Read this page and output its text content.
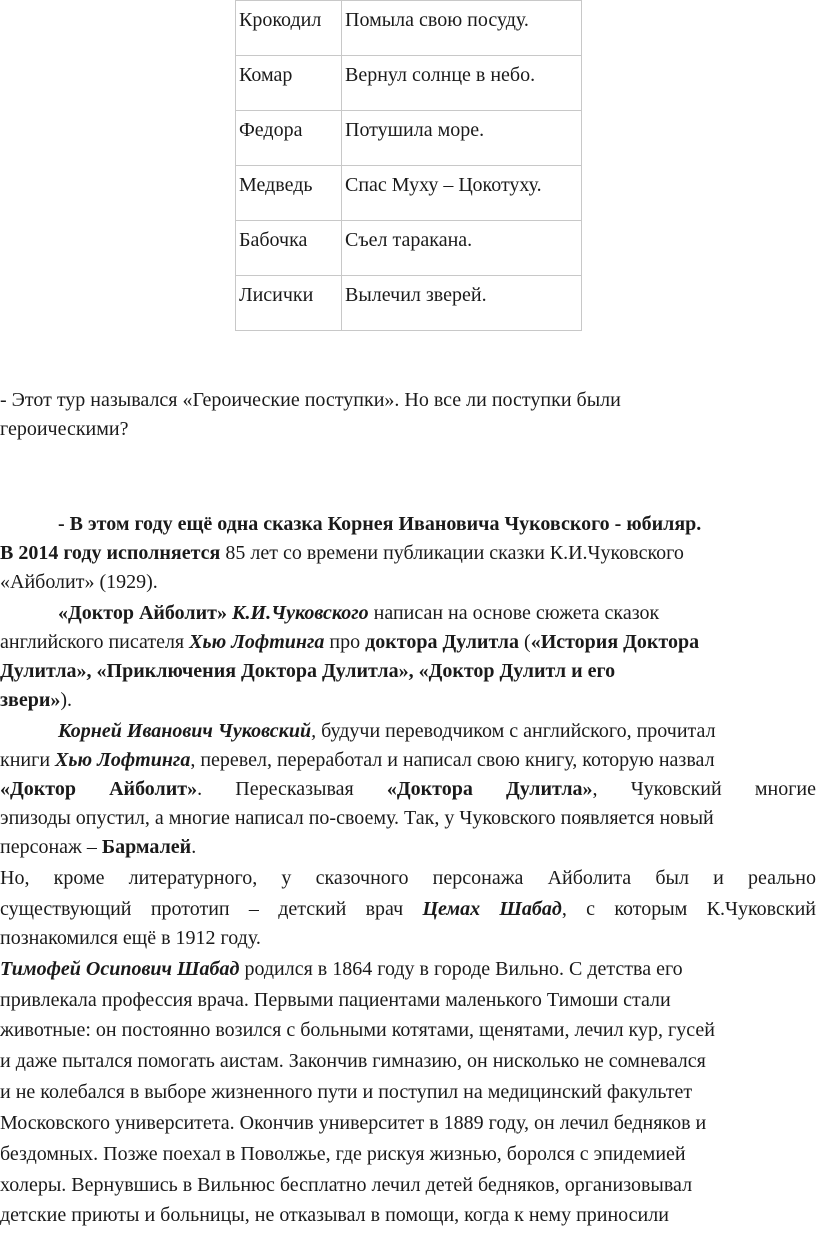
Крокодил	Помыла свою посуду.
Комар	Вернул солнце в небо.
Федора	Потушила море.
Медведь	Спас Муху – Цокотуху.
Бабочка	Съел таракана.
Лисички	Вылечил зверей.

- Этот тур назывался «Героические поступки». Но все ли поступки были

героическими?

- В этом году ещё одна сказка Корнея Ивановича Чуковского - юбиляр.

В 2014 году исполняется 85 лет со времени публикации сказки К.И.Чуковского

«Айболит» (1929).

«Доктор Айболит» К.И.Чуковского написан на основе сюжета сказок

английского писателя Хью Лофтинга про доктора Дулитла («История Доктора

Дулитла», «Приключения Доктора Дулитла», «Доктор Дулитл и его

звери»).

Корней Иванович Чуковский, будучи переводчиком с английского, прочитал

книги Хью Лофтинга, перевел, переработал и написал свою книгу, которую назвал

«Доктор Айболит». Пересказывая «Доктора Дулитла», Чуковский многие

эпизоды опустил, а многие написал по-своему. Так, у Чуковского появляется новый

персонаж – Бармалей.

Но, кроме литературного, у сказочного персонажа Айболита был и реально

существующий прототип – детский врач Цемах Шабад, с которым К.Чуковский

познакомился ещё в 1912 году.

Тимофей Осипович Шабад родился в 1864 году в городе Вильно. С детства его

привлекала профессия врача. Первыми пациентами маленького Тимоши стали

животные: он постоянно возился с больными котятами, щенятами, лечил кур, гусей

и даже пытался помогать аистам. Закончив гимназию, он нисколько не сомневался

и не колебался в выборе жизненного пути и поступил на медицинский факультет

Московского университета. Окончив университет в 1889 году, он лечил бедняков и

бездомных. Позже поехал в Поволжье, где рискуя жизнью, боролся с эпидемией

холеры. Вернувшись в Вильнюс бесплатно лечил детей бедняков, организовывал

детские приюты и больницы, не отказывал в помощи, когда к нему приносили
